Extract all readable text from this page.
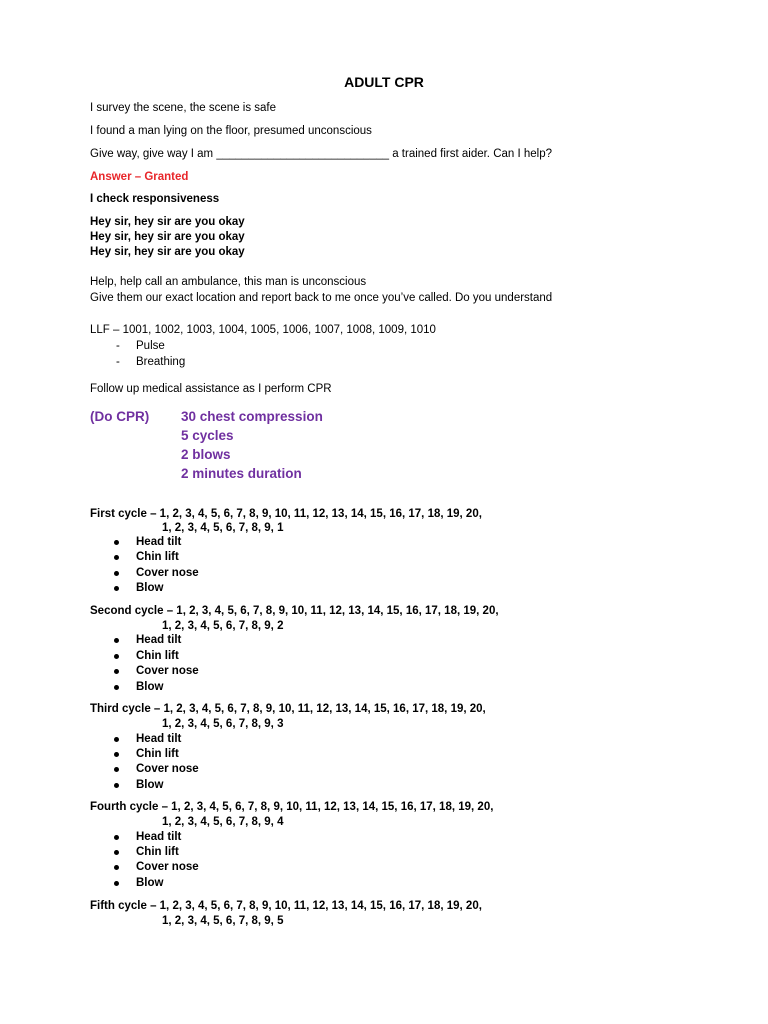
ADULT CPR
I survey the scene, the scene is safe
I found a man lying on the floor, presumed unconscious
Give way, give way I am ___________________________ a trained first aider. Can I help?
Answer – Granted
I check responsiveness
Hey sir, hey sir are you okay
Hey sir, hey sir are you okay
Hey sir, hey sir are you okay
Help, help call an ambulance, this man is unconscious
Give them our exact location and report back to me once you’ve called. Do you understand
LLF – 1001, 1002, 1003, 1004, 1005, 1006, 1007, 1008, 1009, 1010
- Pulse
- Breathing
Follow up medical assistance as I perform CPR
(Do CPR) 30 chest compression
5 cycles
2 blows
2 minutes duration
First cycle – 1, 2, 3, 4, 5, 6, 7, 8, 9, 10, 11, 12, 13, 14, 15, 16, 17, 18, 19, 20,
1, 2, 3, 4, 5, 6, 7, 8, 9, 1
Head tilt
Chin lift
Cover nose
Blow
Second cycle – 1, 2, 3, 4, 5, 6, 7, 8, 9, 10, 11, 12, 13, 14, 15, 16, 17, 18, 19, 20,
1, 2, 3, 4, 5, 6, 7, 8, 9, 2
Head tilt
Chin lift
Cover nose
Blow
Third cycle – 1, 2, 3, 4, 5, 6, 7, 8, 9, 10, 11, 12, 13, 14, 15, 16, 17, 18, 19, 20,
1, 2, 3, 4, 5, 6, 7, 8, 9, 3
Head tilt
Chin lift
Cover nose
Blow
Fourth cycle – 1, 2, 3, 4, 5, 6, 7, 8, 9, 10, 11, 12, 13, 14, 15, 16, 17, 18, 19, 20,
1, 2, 3, 4, 5, 6, 7, 8, 9, 4
Head tilt
Chin lift
Cover nose
Blow
Fifth cycle – 1, 2, 3, 4, 5, 6, 7, 8, 9, 10, 11, 12, 13, 14, 15, 16, 17, 18, 19, 20,
1, 2, 3, 4, 5, 6, 7, 8, 9, 5
